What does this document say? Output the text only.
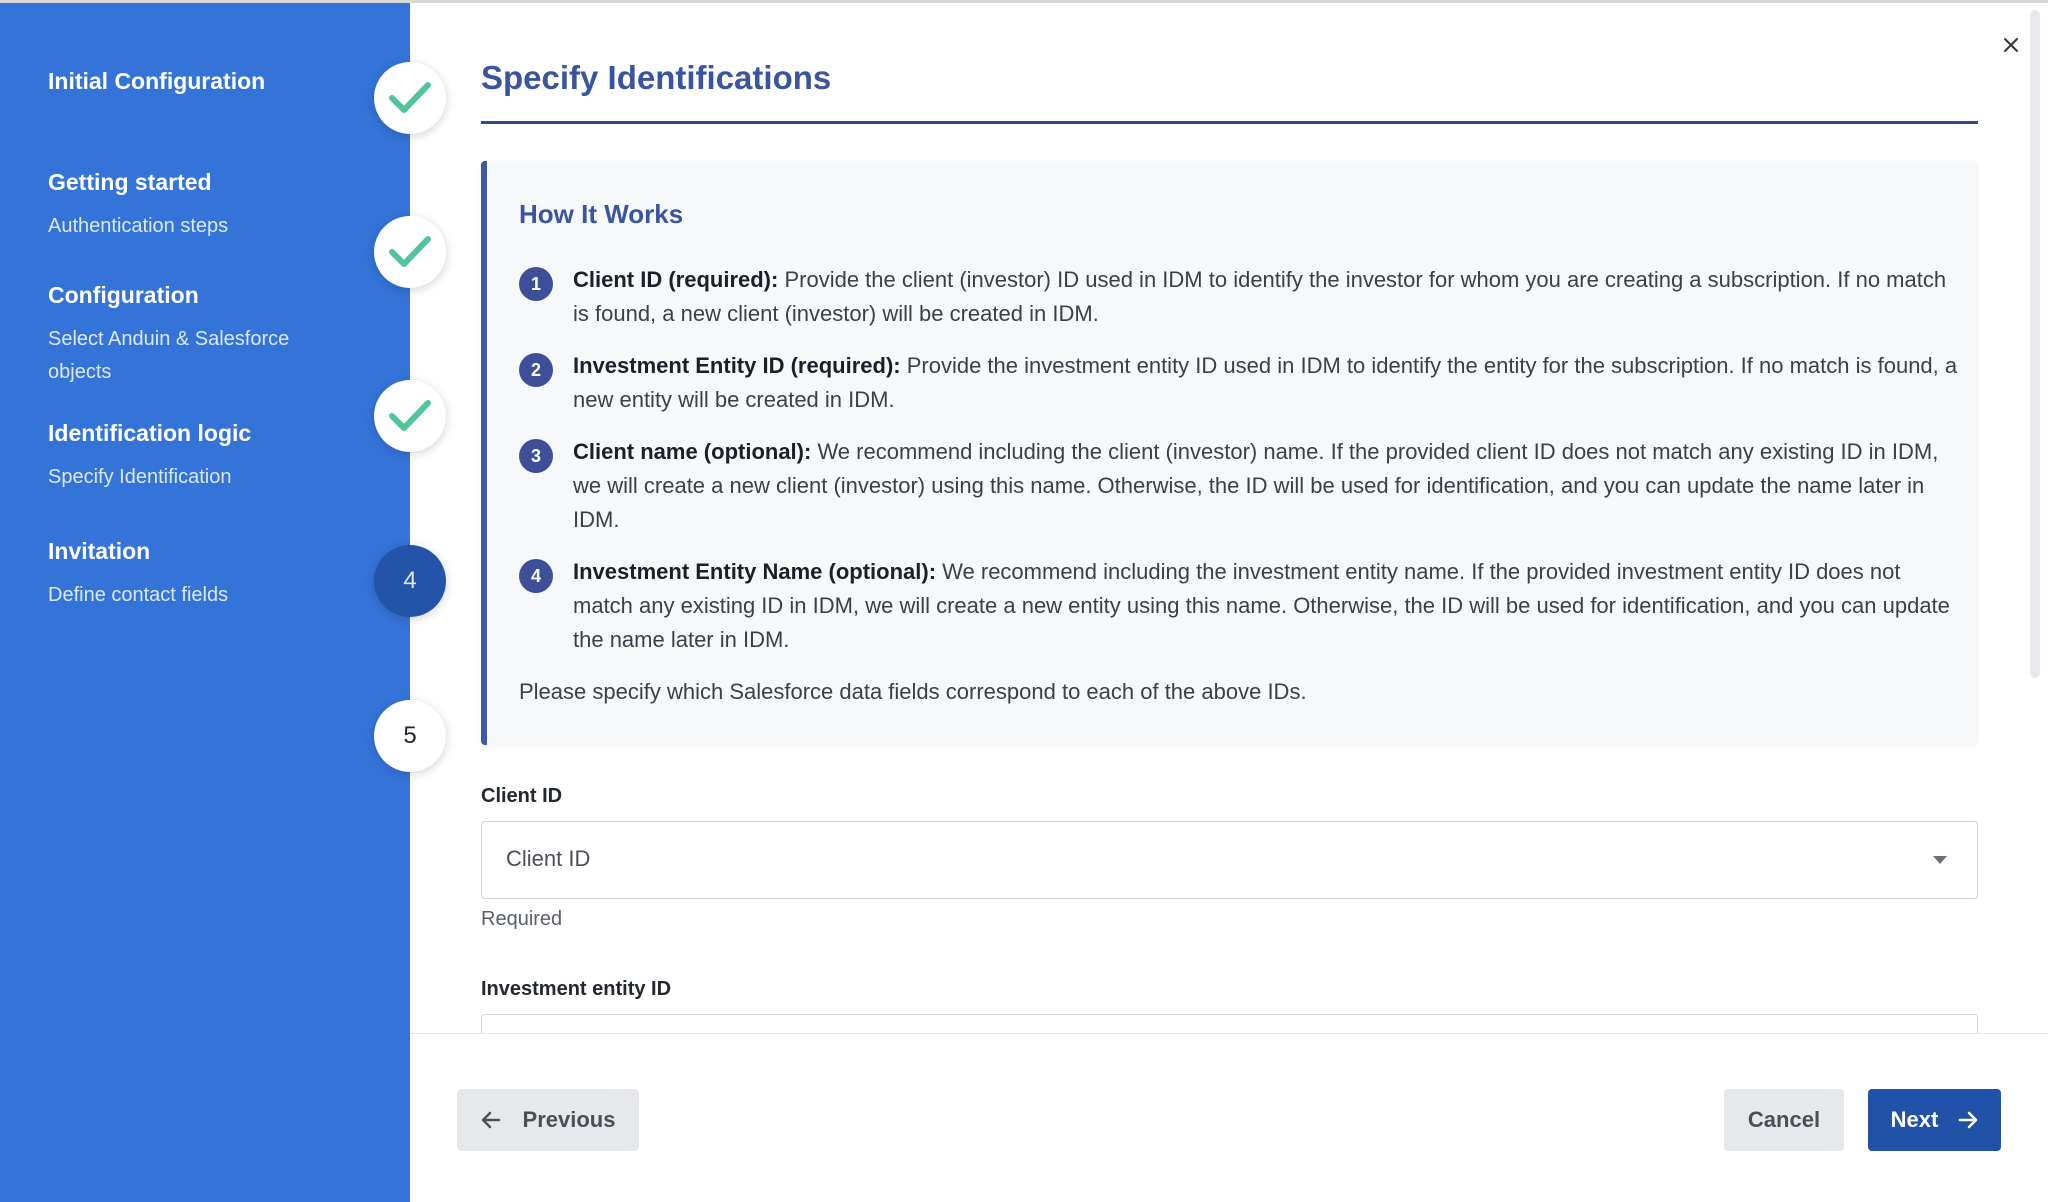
Initial Configuration
Getting started
Authentication steps
Configuration
Select Anduin & Salesforce objects
Identification logic
Specify Identification
Invitation
Define contact fields
4
5
Specify Identifications
How It Works
1	Client ID (required): Provide the client (investor) ID used in IDM to identify the investor for whom you are creating a subscription. If no match is found, a new client (investor) will be created in IDM.

2	Investment Entity ID (required): Provide the investment entity ID used in IDM to identify the entity for the subscription. If no match is found, a new entity will be created in IDM.

3	Client name (optional): We recommend including the client (investor) name. If the provided client ID does not match any existing ID in IDM, we will create a new client (investor) using this name. Otherwise, the ID will be used for identification, and you can update the name later in IDM.

4	Investment Entity Name (optional): We recommend including the investment entity name. If the provided investment entity ID does not match any existing ID in IDM, we will create a new entity using this name. Otherwise, the ID will be used for identification, and you can update the name later in IDM.

Please specify which Salesforce data fields correspond to each of the above IDs.

Client ID
Client ID
Required
Investment entity ID
Previous	Cancel	Next
